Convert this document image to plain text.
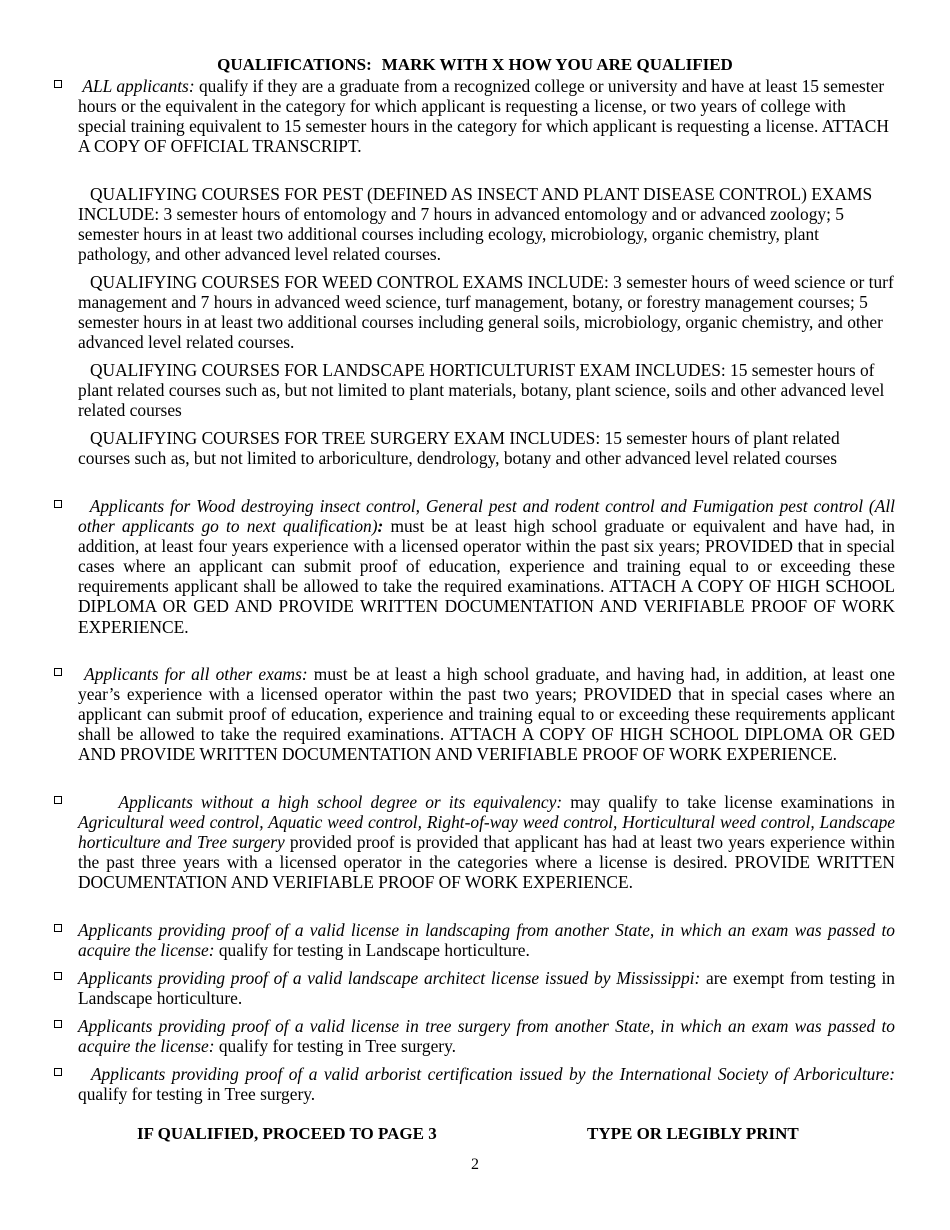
QUALIFICATIONS: MARK WITH X HOW YOU ARE QUALIFIED
ALL applicants: qualify if they are a graduate from a recognized college or university and have at least 15 semester hours or the equivalent in the category for which applicant is requesting a license, or two years of college with special training equivalent to 15 semester hours in the category for which applicant is requesting a license. ATTACH A COPY OF OFFICIAL TRANSCRIPT.
QUALIFYING COURSES FOR PEST (DEFINED AS INSECT AND PLANT DISEASE CONTROL) EXAMS INCLUDE: 3 semester hours of entomology and 7 hours in advanced entomology and or advanced zoology; 5 semester hours in at least two additional courses including ecology, microbiology, organic chemistry, plant pathology, and other advanced level related courses.
QUALIFYING COURSES FOR WEED CONTROL EXAMS INCLUDE: 3 semester hours of weed science or turf management and 7 hours in advanced weed science, turf management, botany, or forestry management courses; 5 semester hours in at least two additional courses including general soils, microbiology, organic chemistry, and other advanced level related courses.
QUALIFYING COURSES FOR LANDSCAPE HORTICULTURIST EXAM INCLUDES: 15 semester hours of plant related courses such as, but not limited to plant materials, botany, plant science, soils and other advanced level related courses
QUALIFYING COURSES FOR TREE SURGERY EXAM INCLUDES: 15 semester hours of plant related courses such as, but not limited to arboriculture, dendrology, botany and other advanced level related courses
Applicants for Wood destroying insect control, General pest and rodent control and Fumigation pest control (All other applicants go to next qualification): must be at least high school graduate or equivalent and have had, in addition, at least four years experience with a licensed operator within the past six years; PROVIDED that in special cases where an applicant can submit proof of education, experience and training equal to or exceeding these requirements applicant shall be allowed to take the required examinations. ATTACH A COPY OF HIGH SCHOOL DIPLOMA OR GED AND PROVIDE WRITTEN DOCUMENTATION AND VERIFIABLE PROOF OF WORK EXPERIENCE.
Applicants for all other exams: must be at least a high school graduate, and having had, in addition, at least one year’s experience with a licensed operator within the past two years; PROVIDED that in special cases where an applicant can submit proof of education, experience and training equal to or exceeding these requirements applicant shall be allowed to take the required examinations. ATTACH A COPY OF HIGH SCHOOL DIPLOMA OR GED AND PROVIDE WRITTEN DOCUMENTATION AND VERIFIABLE PROOF OF WORK EXPERIENCE.
Applicants without a high school degree or its equivalency: may qualify to take license examinations in Agricultural weed control, Aquatic weed control, Right-of-way weed control, Horticultural weed control, Landscape horticulture and Tree surgery provided proof is provided that applicant has had at least two years experience within the past three years with a licensed operator in the categories where a license is desired. PROVIDE WRITTEN DOCUMENTATION AND VERIFIABLE PROOF OF WORK EXPERIENCE.
Applicants providing proof of a valid license in landscaping from another State, in which an exam was passed to acquire the license: qualify for testing in Landscape horticulture.
Applicants providing proof of a valid landscape architect license issued by Mississippi: are exempt from testing in Landscape horticulture.
Applicants providing proof of a valid license in tree surgery from another State, in which an exam was passed to acquire the license: qualify for testing in Tree surgery.
Applicants providing proof of a valid arborist certification issued by the International Society of Arboriculture: qualify for testing in Tree surgery.
IF QUALIFIED, PROCEED TO PAGE 3	TYPE OR LEGIBLY PRINT
2
